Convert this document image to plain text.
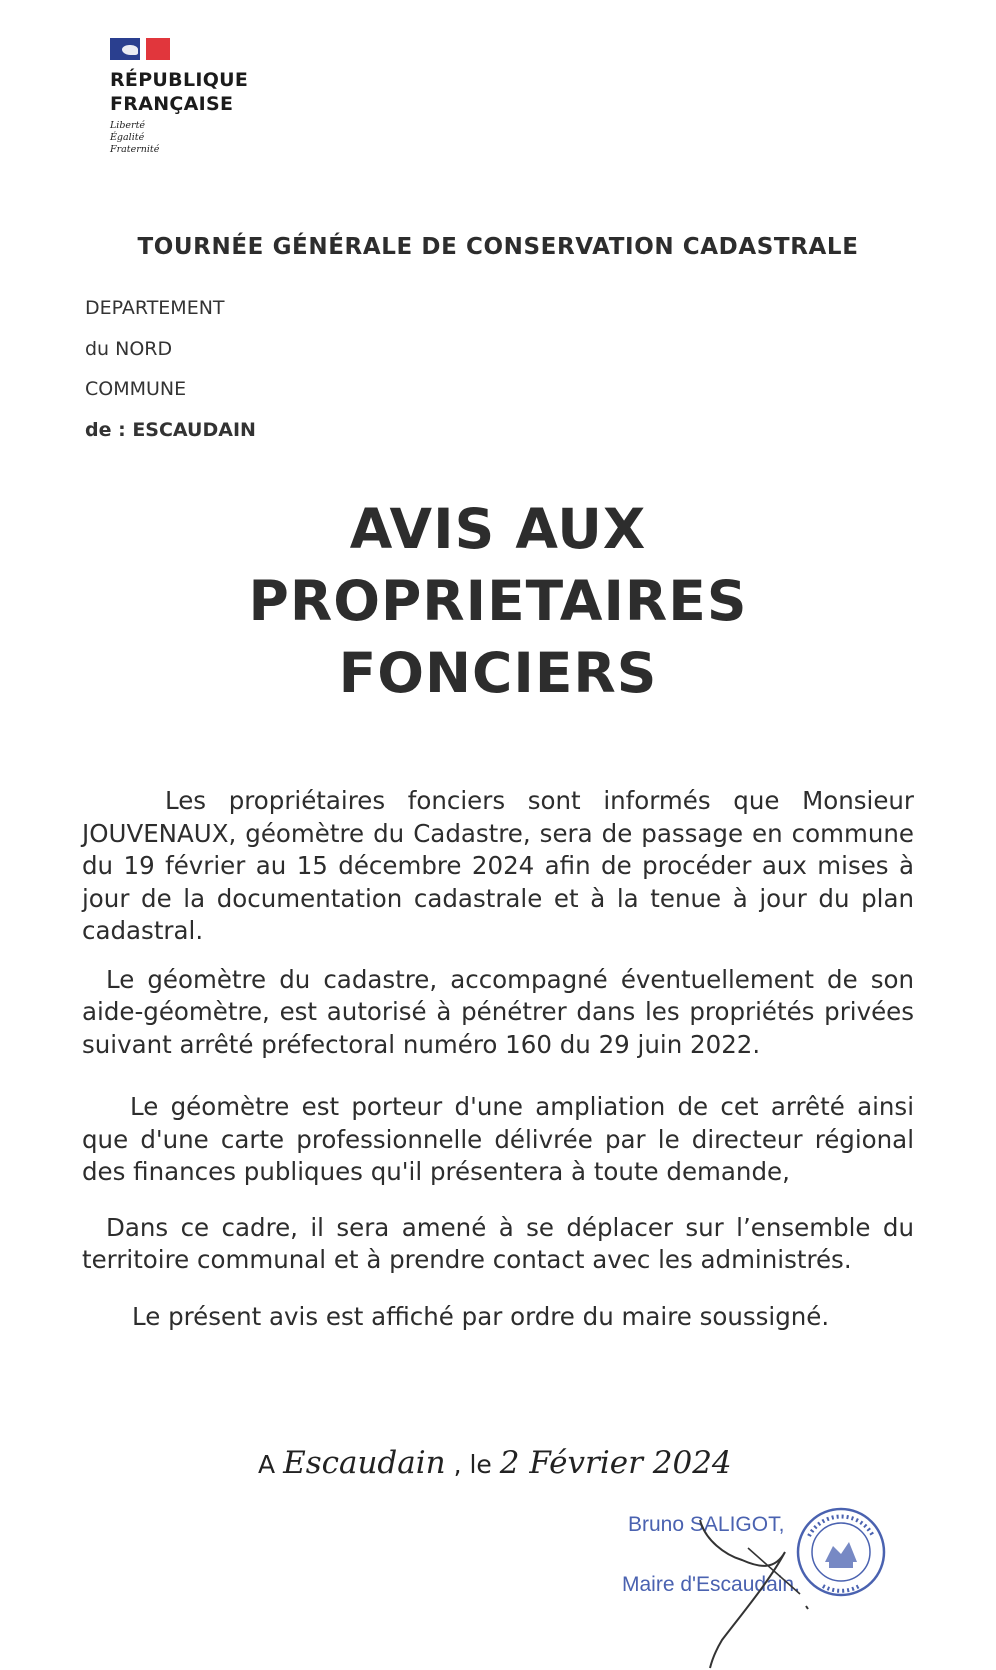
RÉPUBLIQUE
FRANÇAISE
Liberté
Égalité
Fraternité
TOURNÉE GÉNÉRALE DE CONSERVATION CADASTRALE
DEPARTEMENT
du NORD
COMMUNE
de : ESCAUDAIN
AVIS AUX
PROPRIETAIRES
FONCIERS

Les propriétaires fonciers sont informés que Monsieur JOUVENAUX, géomètre du Cadastre, sera de passage en commune du 19 février au 15 décembre 2024 afin de procéder aux mises à jour de la documentation cadastrale et à la tenue à jour du plan cadastral.

Le géomètre du cadastre, accompagné éventuellement de son aide-géomètre, est autorisé à pénétrer dans les propriétés privées suivant arrêté préfectoral numéro 160 du 29 juin 2022.

Le géomètre est porteur d'une ampliation de cet arrêté ainsi que d'une carte professionnelle délivrée par le directeur régional des finances publiques qu'il présentera à toute demande,

Dans ce cadre, il sera amené à se déplacer sur l’ensemble du territoire communal et à prendre contact avec les administrés.

Le présent avis est affiché par ordre du maire soussigné.

A Escaudain , le 2 Février 2024
Bruno SALIGOT,
Maire d'Escaudain.
